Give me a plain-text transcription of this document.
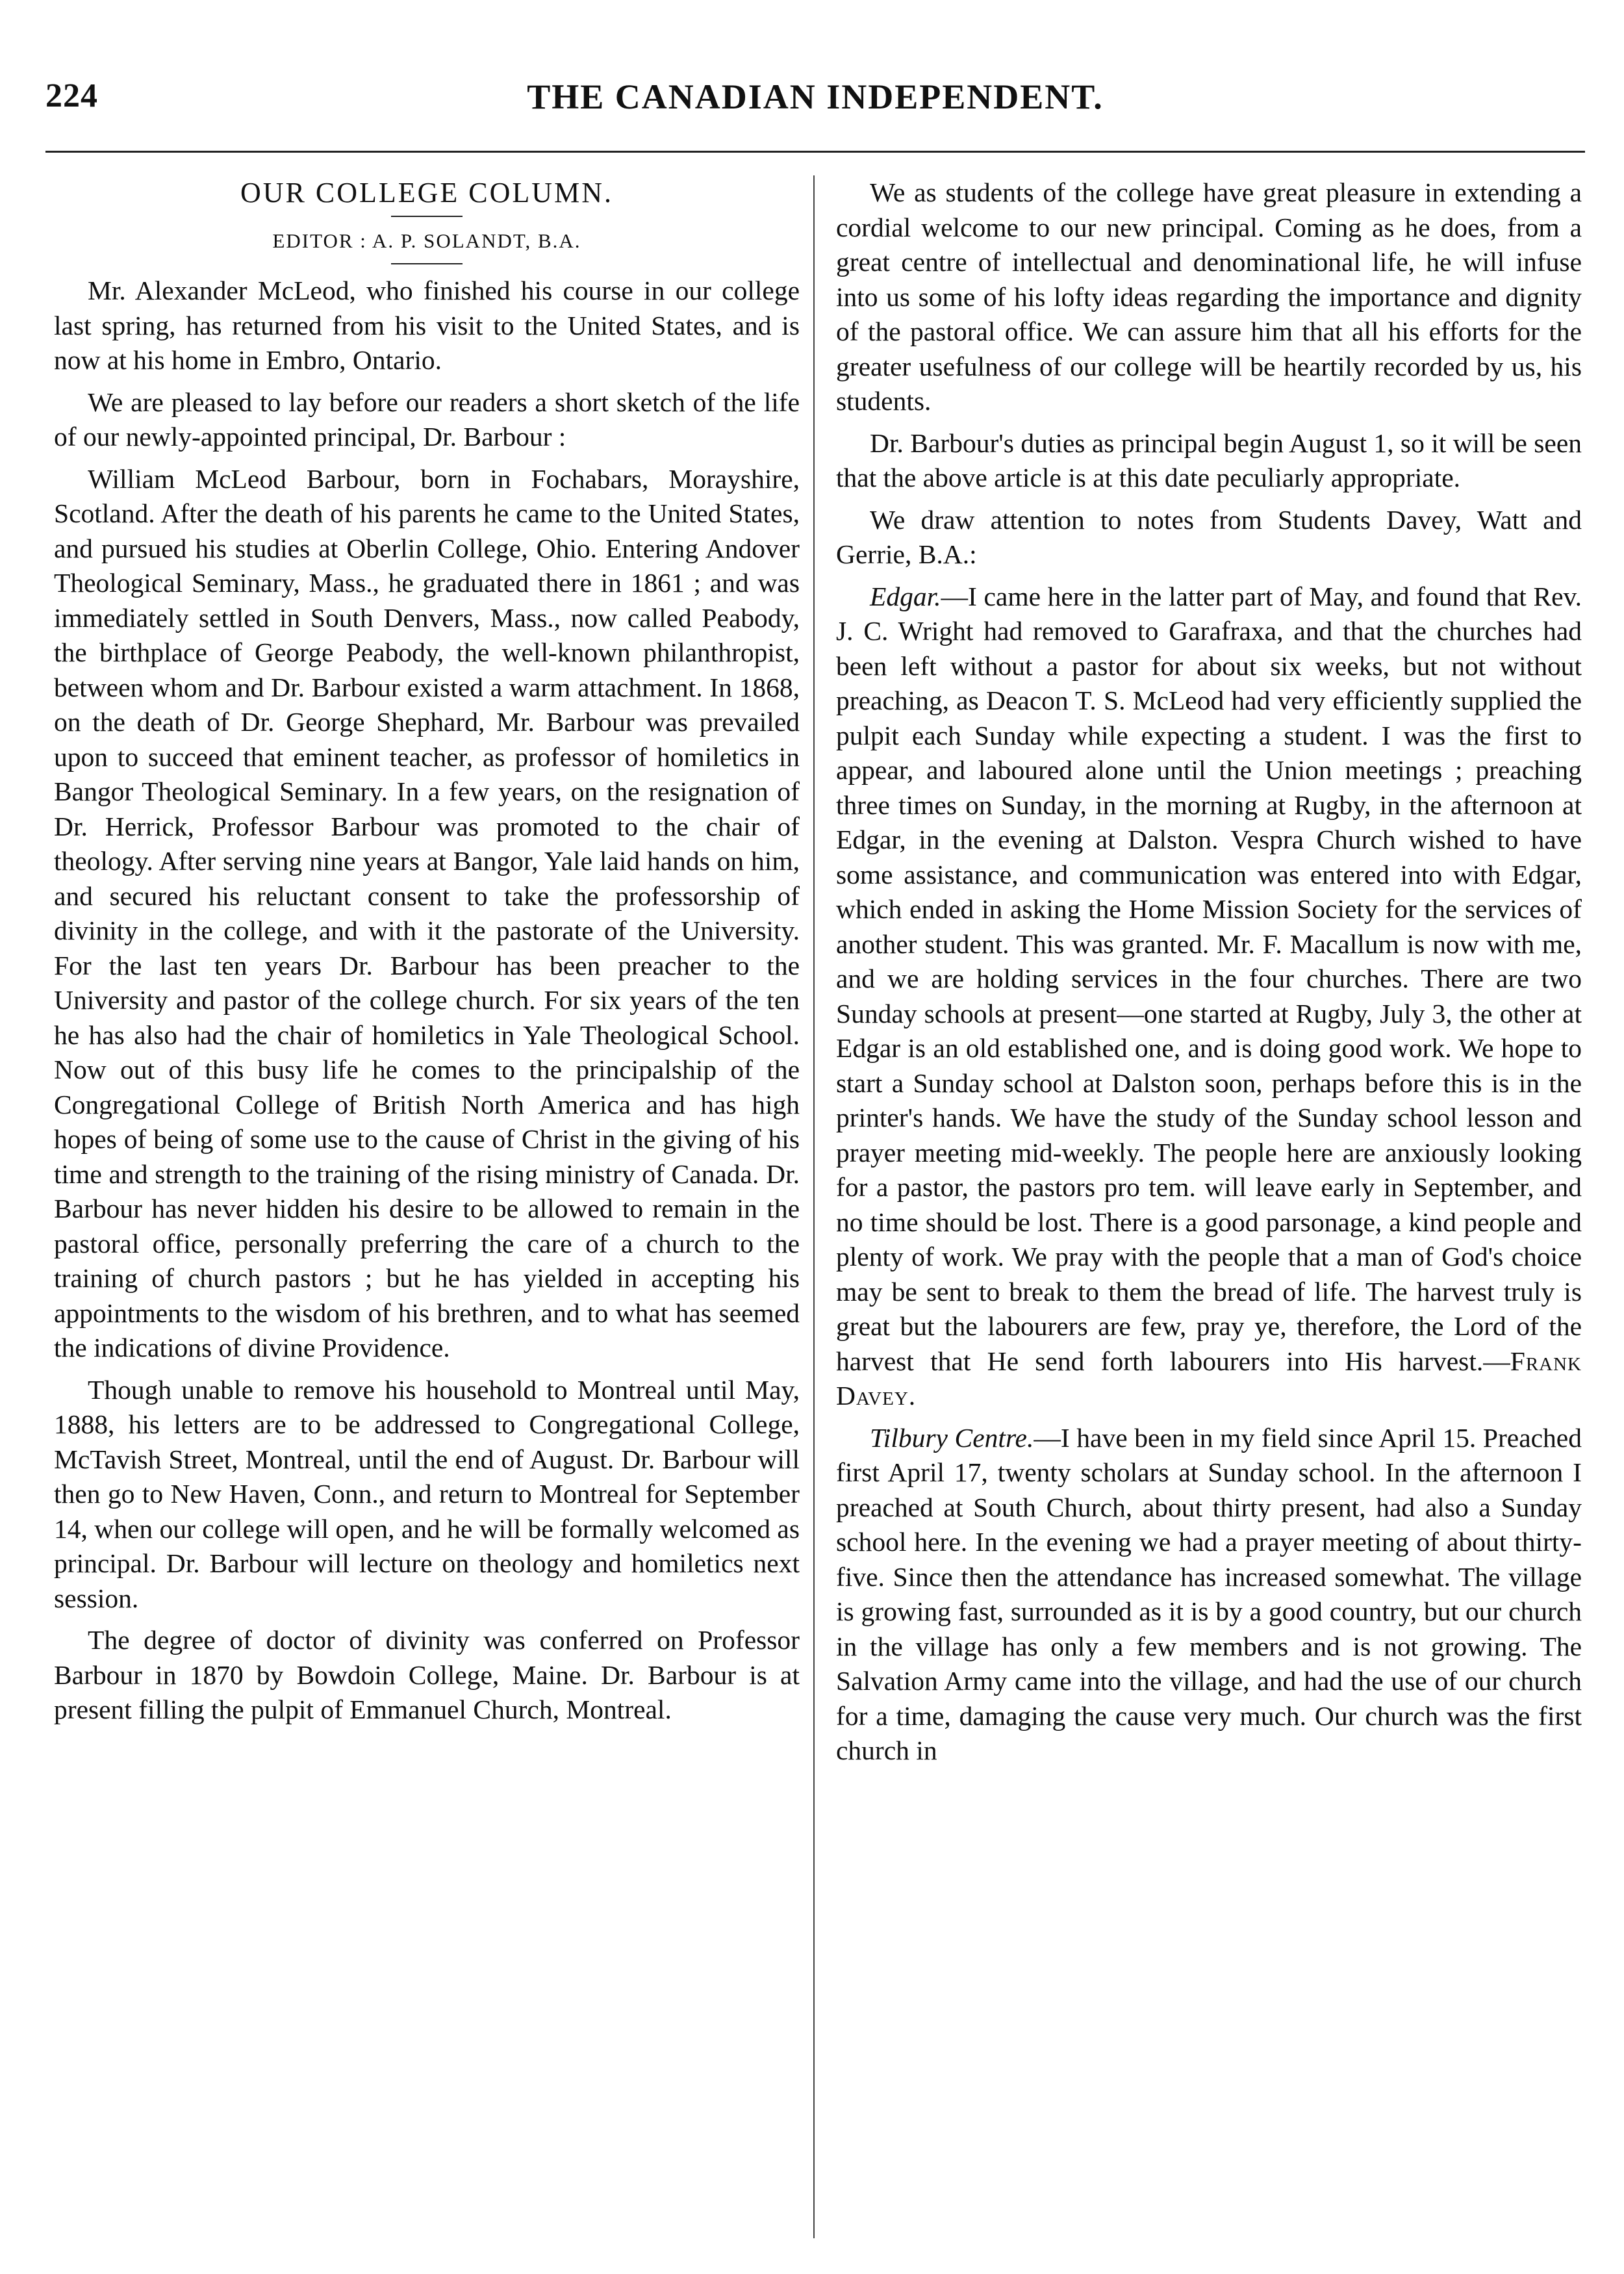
224	THE CANADIAN INDEPENDENT.
OUR COLLEGE COLUMN.
EDITOR : A. P. SOLANDT, B.A.

Mr. Alexander McLeod, who finished his course in our college last spring, has returned from his visit to the United States, and is now at his home in Embro, Ontario.

We are pleased to lay before our readers a short sketch of the life of our newly-appointed principal, Dr. Barbour :

William McLeod Barbour, born in Fochabars, Morayshire, Scotland. After the death of his parents he came to the United States, and pursued his studies at Oberlin College, Ohio. Entering Andover Theological Seminary, Mass., he graduated there in 1861 ; and was immediately settled in South Denvers, Mass., now called Peabody, the birthplace of George Peabody, the well-known philanthropist, between whom and Dr. Barbour existed a warm attachment. In 1868, on the death of Dr. George Shephard, Mr. Barbour was prevailed upon to succeed that eminent teacher, as professor of homiletics in Bangor Theological Seminary. In a few years, on the resignation of Dr. Herrick, Professor Barbour was promoted to the chair of theology. After serving nine years at Bangor, Yale laid hands on him, and secured his reluctant consent to take the professorship of divinity in the college, and with it the pastorate of the University. For the last ten years Dr. Barbour has been preacher to the University and pastor of the college church. For six years of the ten he has also had the chair of homiletics in Yale Theological School. Now out of this busy life he comes to the principalship of the Congregational College of British North America and has high hopes of being of some use to the cause of Christ in the giving of his time and strength to the training of the rising ministry of Canada. Dr. Barbour has never hidden his desire to be allowed to remain in the pastoral office, personally preferring the care of a church to the training of church pastors ; but he has yielded in accepting his appointments to the wisdom of his brethren, and to what has seemed the indications of divine Providence.

Though unable to remove his household to Montreal until May, 1888, his letters are to be addressed to Congregational College, McTavish Street, Montreal, until the end of August. Dr. Barbour will then go to New Haven, Conn., and return to Montreal for September 14, when our college will open, and he will be formally welcomed as principal. Dr. Barbour will lecture on theology and homiletics next session.

The degree of doctor of divinity was conferred on Professor Barbour in 1870 by Bowdoin College, Maine. Dr. Barbour is at present filling the pulpit of Emmanuel Church, Montreal.

We as students of the college have great pleasure in extending a cordial welcome to our new principal. Coming as he does, from a great centre of intellectual and denominational life, he will infuse into us some of his lofty ideas regarding the importance and dignity of the pastoral office. We can assure him that all his efforts for the greater usefulness of our college will be heartily recorded by us, his students.

Dr. Barbour's duties as principal begin August 1, so it will be seen that the above article is at this date peculiarly appropriate.

We draw attention to notes from Students Davey, Watt and Gerrie, B.A.:

Edgar.—I came here in the latter part of May, and found that Rev. J. C. Wright had removed to Garafraxa, and that the churches had been left without a pastor for about six weeks, but not without preaching, as Deacon T. S. McLeod had very efficiently supplied the pulpit each Sunday while expecting a student. I was the first to appear, and laboured alone until the Union meetings ; preaching three times on Sunday, in the morning at Rugby, in the afternoon at Edgar, in the evening at Dalston. Vespra Church wished to have some assistance, and communication was entered into with Edgar, which ended in asking the Home Mission Society for the services of another student. This was granted. Mr. F. Macallum is now with me, and we are holding services in the four churches. There are two Sunday schools at present—one started at Rugby, July 3, the other at Edgar is an old established one, and is doing good work. We hope to start a Sunday school at Dalston soon, perhaps before this is in the printer's hands. We have the study of the Sunday school lesson and prayer meeting mid-weekly. The people here are anxiously looking for a pastor, the pastors pro tem. will leave early in September, and no time should be lost. There is a good parsonage, a kind people and plenty of work. We pray with the people that a man of God's choice may be sent to break to them the bread of life. The harvest truly is great but the labourers are few, pray ye, therefore, the Lord of the harvest that He send forth labourers into His harvest.—Frank Davey.

Tilbury Centre.—I have been in my field since April 15. Preached first April 17, twenty scholars at Sunday school. In the afternoon I preached at South Church, about thirty present, had also a Sunday school here. In the evening we had a prayer meeting of about thirty-five. Since then the attendance has increased somewhat. The village is growing fast, surrounded as it is by a good country, but our church in the village has only a few members and is not growing. The Salvation Army came into the village, and had the use of our church for a time, damaging the cause very much. Our church was the first church in
